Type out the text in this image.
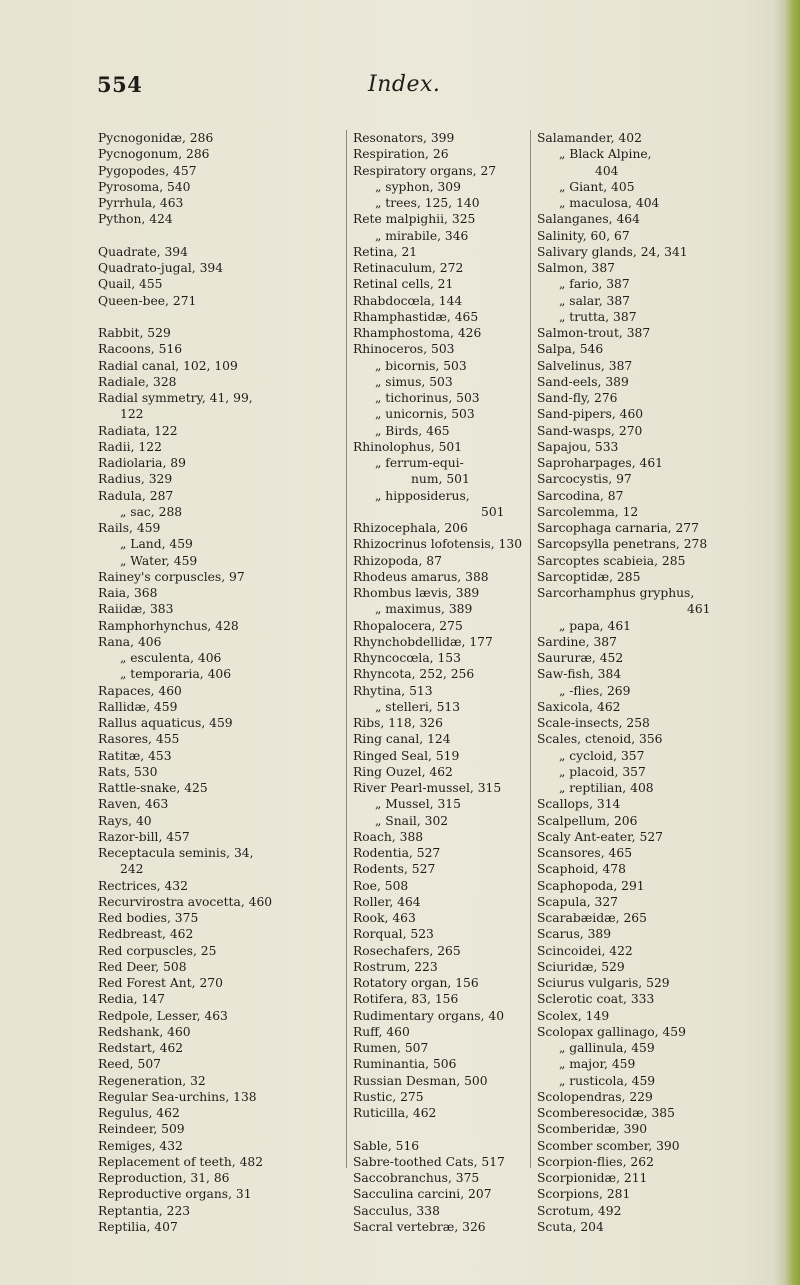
554	Index.
Pycnogonidæ, 286
Pycnogonum, 286
Pygopodes, 457
Pyrosoma, 540
Pyrrhula, 463
Python, 424
Quadrate, 394
Quadrato-jugal, 394
Quail, 455
Queen-bee, 271
Rabbit, 529
Racoons, 516
Radial canal, 102, 109
Radiale, 328
Radial symmetry, 41, 99,
122
Radiata, 122
Radii, 122
Radiolaria, 89
Radius, 329
Radula, 287
„ sac, 288
Rails, 459
„ Land, 459
„ Water, 459
Rainey's corpuscles, 97
Raia, 368
Raiidæ, 383
Ramphorhynchus, 428
Rana, 406
„ esculenta, 406
„ temporaria, 406
Rapaces, 460
Rallidæ, 459
Rallus aquaticus, 459
Rasores, 455
Ratitæ, 453
Rats, 530
Rattle-snake, 425
Raven, 463
Rays, 40
Razor-bill, 457
Receptacula seminis, 34,
242
Rectrices, 432
Recurvirostra avocetta, 460
Red bodies, 375
Redbreast, 462
Red corpuscles, 25
Red Deer, 508
Red Forest Ant, 270
Redia, 147
Redpole, Lesser, 463
Redshank, 460
Redstart, 462
Reed, 507
Regeneration, 32
Regular Sea-urchins, 138
Regulus, 462
Reindeer, 509
Remiges, 432
Replacement of teeth, 482
Reproduction, 31, 86
Reproductive organs, 31
Reptantia, 223
Reptilia, 407
Resonators, 399
Respiration, 26
Respiratory organs, 27
„ syphon, 309
„ trees, 125, 140
Rete malpighii, 325
„ mirabile, 346
Retina, 21
Retinaculum, 272
Retinal cells, 21
Rhabdocœla, 144
Rhamphastidæ, 465
Rhamphostoma, 426
Rhinoceros, 503
„ bicornis, 503
„ simus, 503
„ tichorinus, 503
„ unicornis, 503
„ Birds, 465
Rhinolophus, 501
„ ferrum-equi-
num, 501
„ hipposiderus,
501
Rhizocephala, 206
Rhizocrinus lofotensis, 130
Rhizopoda, 87
Rhodeus amarus, 388
Rhombus lævis, 389
„ maximus, 389
Rhopalocera, 275
Rhynchobdellidæ, 177
Rhyncocœla, 153
Rhyncota, 252, 256
Rhytina, 513
„ stelleri, 513
Ribs, 118, 326
Ring canal, 124
Ringed Seal, 519
Ring Ouzel, 462
River Pearl-mussel, 315
„ Mussel, 315
„ Snail, 302
Roach, 388
Rodentia, 527
Rodents, 527
Roe, 508
Roller, 464
Rook, 463
Rorqual, 523
Rosechafers, 265
Rostrum, 223
Rotatory organ, 156
Rotifera, 83, 156
Rudimentary organs, 40
Ruff, 460
Rumen, 507
Ruminantia, 506
Russian Desman, 500
Rustic, 275
Ruticilla, 462
Sable, 516
Sabre-toothed Cats, 517
Saccobranchus, 375
Sacculina carcini, 207
Sacculus, 338
Sacral vertebræ, 326
Salamander, 402
„ Black Alpine,
404
„ Giant, 405
„ maculosa, 404
Salanganes, 464
Salinity, 60, 67
Salivary glands, 24, 341
Salmon, 387
„ fario, 387
„ salar, 387
„ trutta, 387
Salmon-trout, 387
Salpa, 546
Salvelinus, 387
Sand-eels, 389
Sand-fly, 276
Sand-pipers, 460
Sand-wasps, 270
Sapajou, 533
Saproharpages, 461
Sarcocystis, 97
Sarcodina, 87
Sarcolemma, 12
Sarcophaga carnaria, 277
Sarcopsylla penetrans, 278
Sarcoptes scabieia, 285
Sarcoptidæ, 285
Sarcorhamphus gryphus,
461
„ papa, 461
Sardine, 387
Saururæ, 452
Saw-fish, 384
„ -flies, 269
Saxicola, 462
Scale-insects, 258
Scales, ctenoid, 356
„ cycloid, 357
„ placoid, 357
„ reptilian, 408
Scallops, 314
Scalpellum, 206
Scaly Ant-eater, 527
Scansores, 465
Scaphoid, 478
Scaphopoda, 291
Scapula, 327
Scarabæidæ, 265
Scarus, 389
Scincoidei, 422
Sciuridæ, 529
Sciurus vulgaris, 529
Sclerotic coat, 333
Scolex, 149
Scolopax gallinago, 459
„ gallinula, 459
„ major, 459
„ rusticola, 459
Scolopendras, 229
Scomberesocidæ, 385
Scomberidæ, 390
Scomber scomber, 390
Scorpion-flies, 262
Scorpionidæ, 211
Scorpions, 281
Scrotum, 492
Scuta, 204
